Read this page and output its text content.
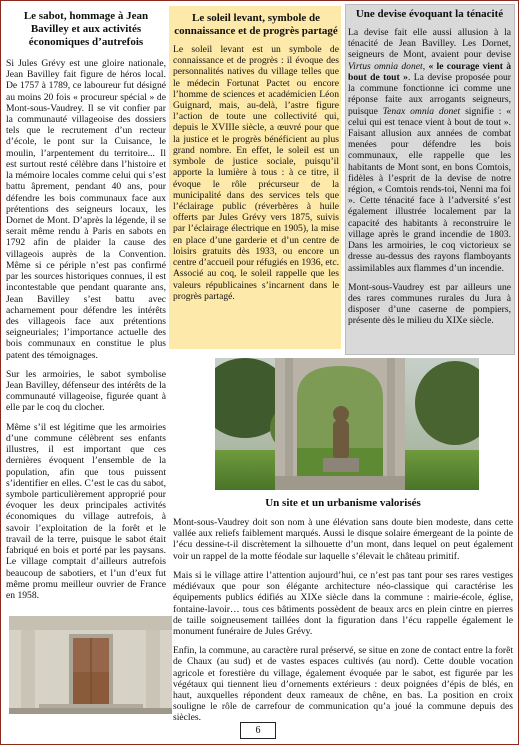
Le sabot, hommage à Jean Bavilley et aux activités économiques d’autrefois

Si Jules Grévy est une gloire nationale, Jean Bavilley fait figure de héros local. De 1757 à 1789, ce laboureur fut désigné au moins 20 fois « procureur spécial » de Mont-sous-Vaudrey. Il se vit confier par la communauté villageoise des dossiers tels que le recrutement d’un recteur d’école, le pont sur la Cuisance, le moulin, l’arpentement du territoire... Il est surtout resté célèbre dans l’histoire et la mémoire locales comme celui qui s’est battu âprement, pendant 40 ans, pour défendre les bois communaux face aux prétentions des seigneurs locaux, les Dornet de Mont. D’après la légende, il se serait même rendu à Paris en sabots en 1792 afin de plaider la cause des villageois auprès de la Convention. Même si ce périple n’est pas confirmé par les sources historiques connues, il est incontestable que pendant quarante ans, Jean Bavilley s’est battu avec acharnement pour défendre les intérêts des villageois face aux prétentions seigneuriales; l’importance actuelle des bois communaux en constitue le plus patent des témoignages.

Sur les armoiries, le sabot symbolise Jean Bavilley, défenseur des intérêts de la communauté villageoise, figurée quant à elle par le coq du clocher.

Même s’il est légitime que les armoiries d’une commune célèbrent ses enfants illustres, il est important que ces dernières évoquent l’ensemble de la population, afin que tous puissent s’identifier en elles. C’est le cas du sabot, symbole particulièrement approprié pour évoquer les deux principales activités économiques du village autrefois, à savoir l’exploitation de la forêt et le travail de la terre, puisque le sabot était fabriqué en bois et porté par les paysans. Le village comptait d’ailleurs autrefois beaucoup de sabotiers, et l’un d’eux fut même promu meilleur ouvrier de France en 1958.

Le soleil levant, symbole de connaissance et de progrès partagé

Le soleil levant est un symbole de connaissance et de progrès : il évoque des personnalités natives du village telles que le médecin Fortunat Pactet ou encore l’homme de sciences et académicien Léon Guignard, mais, au-delà, l’astre figure l’action de toute une collectivité qui, depuis le XVIIIe siècle, a œuvré pour que la justice et le progrès bénéficient au plus grand nombre. En effet, le soleil est un symbole de justice sociale, puisqu’il apporte la lumière à tous : à ce titre, il évoque le rôle précurseur de la municipalité dans des services tels que l’éclairage public (réverbères à huile offerts par Jules Grévy vers 1875, suivis par l’éclairage électrique en 1905), la mise en place d’une garderie et d’un centre de loisirs gratuits dès 1933, ou encore un centre d’accueil pour réfugiés en 1936, etc. Associé au coq, le soleil rappelle que les valeurs républicaines s’incarnent dans le progrès partagé.

Une devise évoquant la ténacité

La devise fait elle aussi allusion à la ténacité de Jean Bavilley. Les Dornet, seigneurs de Mont, avaient pour devise Virtus omnia donet, « le courage vient à bout de tout ». La devise proposée pour la commune fonctionne ici comme une réponse faite aux arrogants seigneurs, puisque Tenax omnia donet signifie : « celui qui est tenace vient à bout de tout ». Faisant allusion aux années de combat menées pour défendre les bois communaux, elle rappelle que les habitants de Mont sont, en bons Comtois, fidèles à l’esprit de la devise de notre région, « Comtois rends-toi, Nenni ma foi ». Cette ténacité face à l’adversité s’est également illustrée localement par la capacité des habitants à reconstruire le village après le grand incendie de 1803. Dans les armoiries, le coq victorieux se dresse au-dessus des rayons flamboyants assimilables aux flammes d’un incendie.

Mont-sous-Vaudrey est par ailleurs une des rares communes rurales du Jura à disposer d’une caserne de pompiers, présente dès le milieu du XIXe siècle.

Un site et un urbanisme valorisés

Mont-sous-Vaudrey doit son nom à une élévation sans doute bien modeste, dans cette vallée aux reliefs faiblement marqués. Aussi le disque solaire émergeant de la pointe de l’écu dessine-t-il discrètement la silhouette d’un mont, dans lequel on peut également voir un rappel de la motte féodale sur laquelle s’élevait le château primitif.

Mais si le village attire l’attention aujourd’hui, ce n’est pas tant pour ses rares vestiges médiévaux que pour son élégante architecture néo-classique qui caractérise les équipements publics édifiés au XIXe siècle dans la commune : mairie-école, église, fontaine-lavoir… tous ces bâtiments possèdent de beaux arcs en plein cintre en pierres de taille soigneusement taillées dont la figuration dans l’écu rappelle également le monument funéraire de Jules Grévy.

Enfin, la commune, au caractère rural préservé, se situe en zone de contact entre la forêt de Chaux (au sud) et de vastes espaces cultivés (au nord). Cette double vocation agricole et forestière du village, également évoquée par le sabot, est figurée par les végétaux qui tiennent lieu d’ornements extérieurs : deux poignées d’épis de blés, en haut, auxquelles répondent deux rameaux de chêne, en bas. La position en croix souligne le rôle de carrefour de communication qu’a joué la commune depuis des siècles.

6
